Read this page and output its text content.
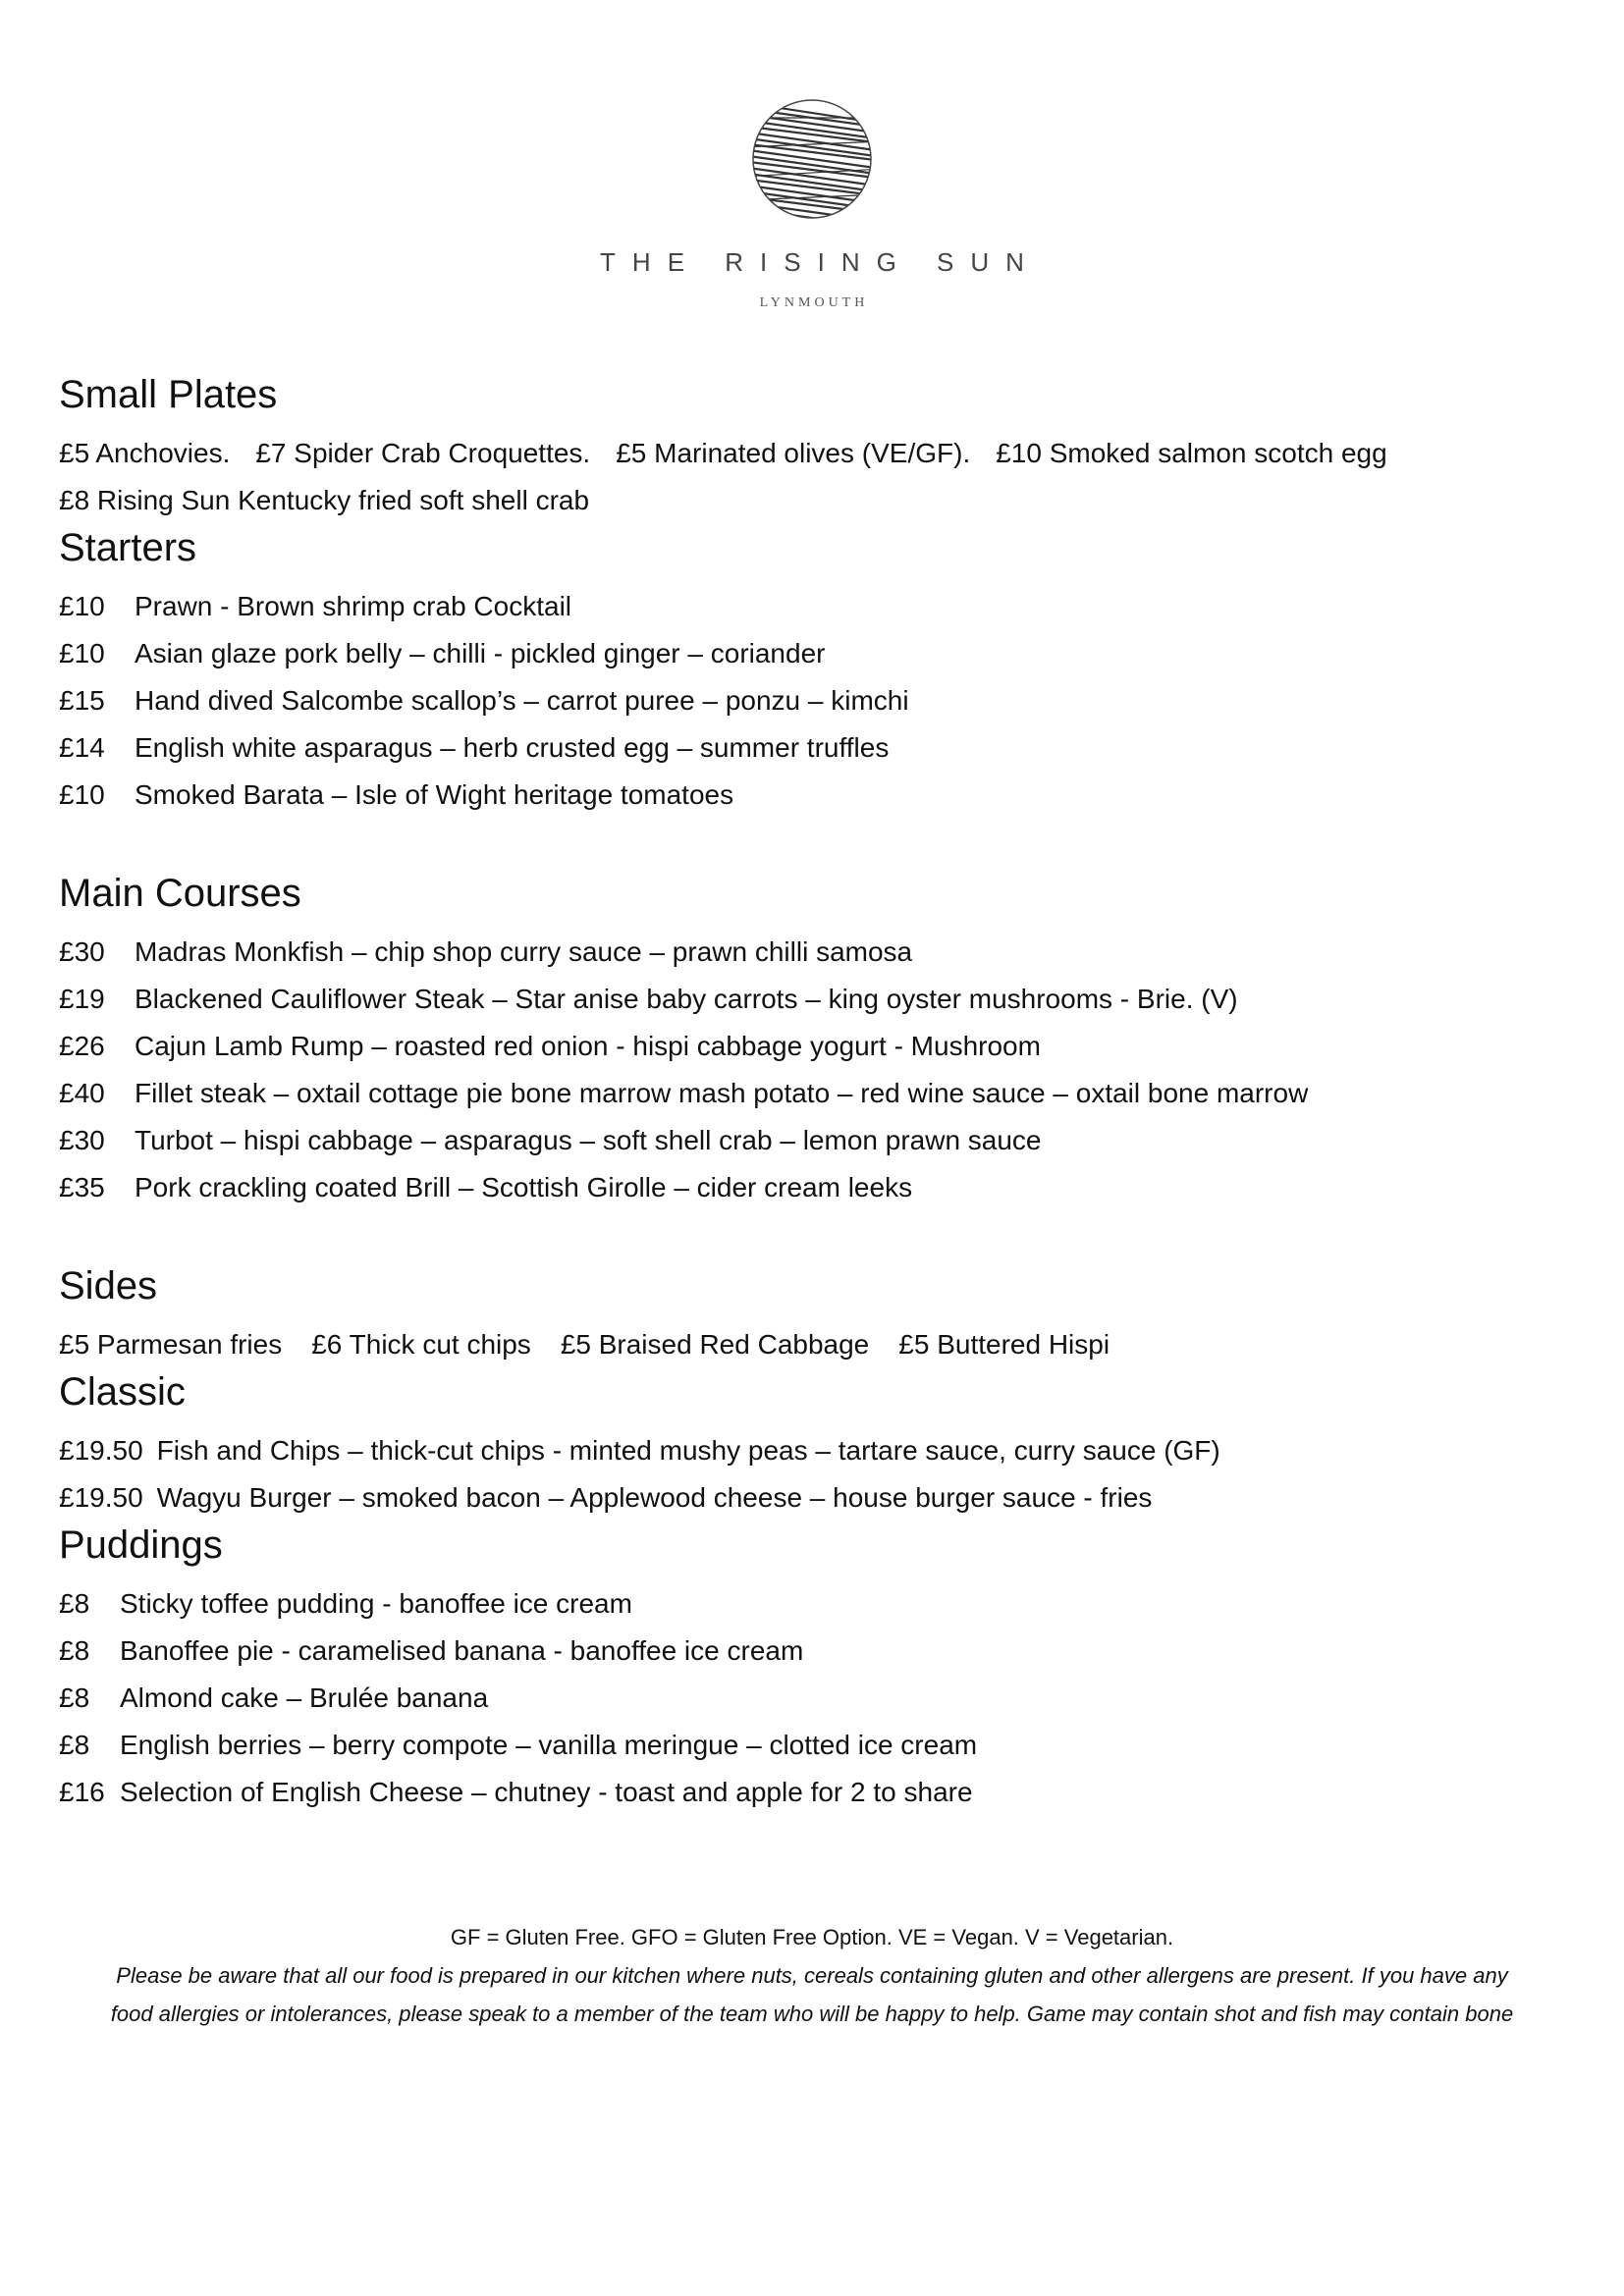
THE RISING SUN
LYNMOUTH
Small Plates
£5 Anchovies. £7 Spider Crab Croquettes. £5 Marinated olives (VE/GF). £10 Smoked salmon scotch egg
£8 Rising Sun Kentucky fried soft shell crab
Starters
£10 Prawn - Brown shrimp crab Cocktail
£10 Asian glaze pork belly – chilli - pickled ginger – coriander
£15 Hand dived Salcombe scallop’s – carrot puree – ponzu – kimchi
£14 English white asparagus – herb crusted egg – summer truffles
£10 Smoked Barata – Isle of Wight heritage tomatoes
Main Courses
£30 Madras Monkfish – chip shop curry sauce – prawn chilli samosa
£19 Blackened Cauliflower Steak – Star anise baby carrots – king oyster mushrooms - Brie. (V)
£26 Cajun Lamb Rump – roasted red onion - hispi cabbage yogurt - Mushroom
£40 Fillet steak – oxtail cottage pie bone marrow mash potato – red wine sauce – oxtail bone marrow
£30 Turbot – hispi cabbage – asparagus – soft shell crab – lemon prawn sauce
£35 Pork crackling coated Brill – Scottish Girolle – cider cream leeks
Sides
£5 Parmesan fries £6 Thick cut chips £5 Braised Red Cabbage £5 Buttered Hispi
Classic
£19.50 Fish and Chips – thick-cut chips - minted mushy peas – tartare sauce, curry sauce (GF)
£19.50 Wagyu Burger – smoked bacon – Applewood cheese – house burger sauce - fries
Puddings
£8 Sticky toffee pudding - banoffee ice cream
£8 Banoffee pie - caramelised banana - banoffee ice cream
£8 Almond cake – Brulée banana
£8 English berries – berry compote – vanilla meringue – clotted ice cream
£16 Selection of English Cheese – chutney - toast and apple for 2 to share
GF = Gluten Free. GFO = Gluten Free Option. VE = Vegan. V = Vegetarian.
Please be aware that all our food is prepared in our kitchen where nuts, cereals containing gluten and other allergens are present. If you have any food allergies or intolerances, please speak to a member of the team who will be happy to help. Game may contain shot and fish may contain bone
